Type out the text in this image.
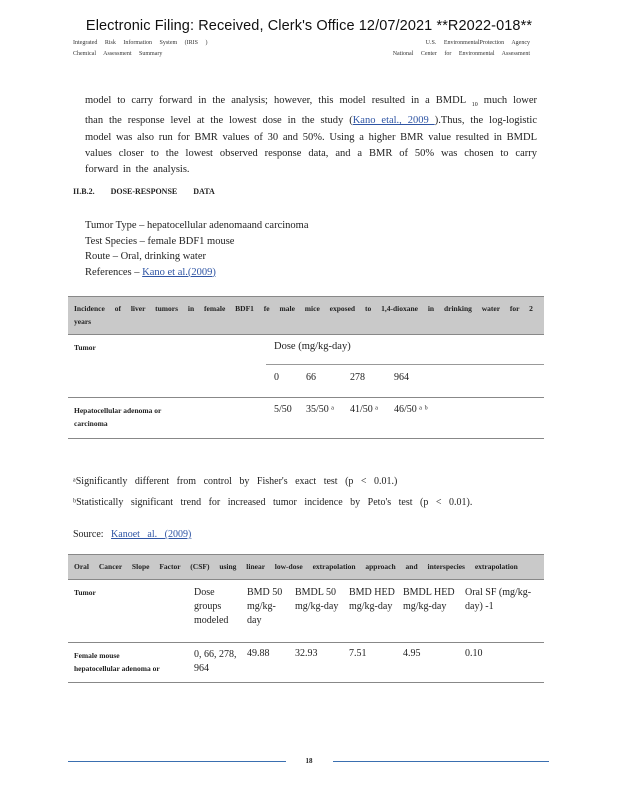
Electronic Filing: Received, Clerk's Office 12/07/2021 **R2022-018**
Integrated Risk Information System (IRIS )
Chemical Assessment Summary
U.S. EnvironmentalProtection Agency
National Center for Environmental Assessment
model to carry forward in the analysis; however, this model resulted in a BMDL $_{10}$ much lower than the response level at the lowest dose in the study (Kano etal., 2009 ).Thus, the log-logistic model was also run for BMR values of 30 and 50%. Using a higher BMR value resulted in BMDL values closer to the lowest observed response data, and a BMR of 50% was chosen to carry forward in the analysis.
II.B.2. DOSE-RESPONSE DATA
Tumor Type – hepatocellular adenomaand carcinoma
Test Species – female BDF1 mouse
Route – Oral, drinking water
References – Kano et al.(2009)
Incidence of liver tumors in female BDF1 fe male mice exposed to 1,4-dioxane in drinking water for 2 years				
Tumor	Dose (mg/kg-day)			
	0	66	278	964
Hepatocellular adenoma or carcinoma	5/50	35/50 ᵃ	41/50 ᵃ	46/50 ᵃ ᵇ
ᵃSignificantly different from control by Fisher's exact test (p < 0.01.)
ᵇStatistically significant trend for increased tumor incidence by Peto's test (p < 0.01).
Source: Kanoet al. (2009)
Oral Cancer Slope Factor (CSF) using linear low-dose extrapolation approach and interspecies extrapolation						
Tumor	Dose groups modeled	BMD 50 mg/kg-day	BMDL 50 mg/kg-day	BMD HED mg/kg-day	BMDL HED mg/kg-day	Oral SF (mg/kg-day) -1
Female mouse hepatocellular adenoma or	0, 66, 278, 964	49.88	32.93	7.51	4.95	0.10
18
